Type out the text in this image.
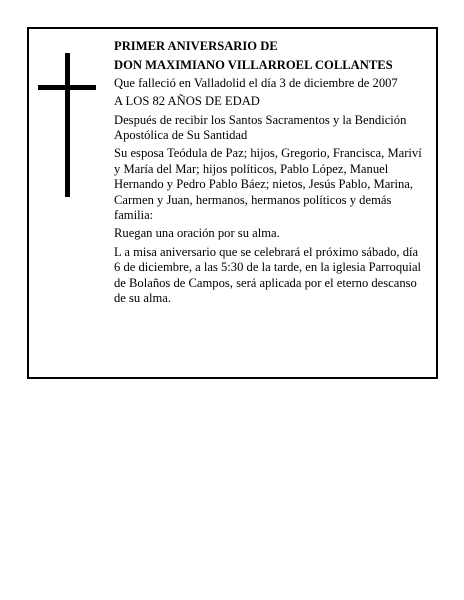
PRIMER ANIVERSARIO DE

DON MAXIMIANO VILLARROEL COLLANTES

Que falleció en Valladolid el día 3 de diciembre de 2007

A LOS 82 AÑOS DE EDAD

Después de recibir los Santos Sacramentos y la Bendición Apostólica de Su Santidad

Su esposa Teódula de Paz; hijos, Gregorio, Francisca, Mariví y María del Mar; hijos políticos, Pablo López, Manuel Hernando y Pedro Pablo Báez; nietos, Jesús Pablo, Marina, Carmen y Juan, hermanos, hermanos políticos y demás familia:

Ruegan una oración por su alma.

L a misa aniversario que se celebrará el próximo sábado, día 6 de diciembre, a las 5:30 de la tarde, en la iglesia Parroquial de Bolaños de Campos, será aplicada por el eterno descanso de su alma.
